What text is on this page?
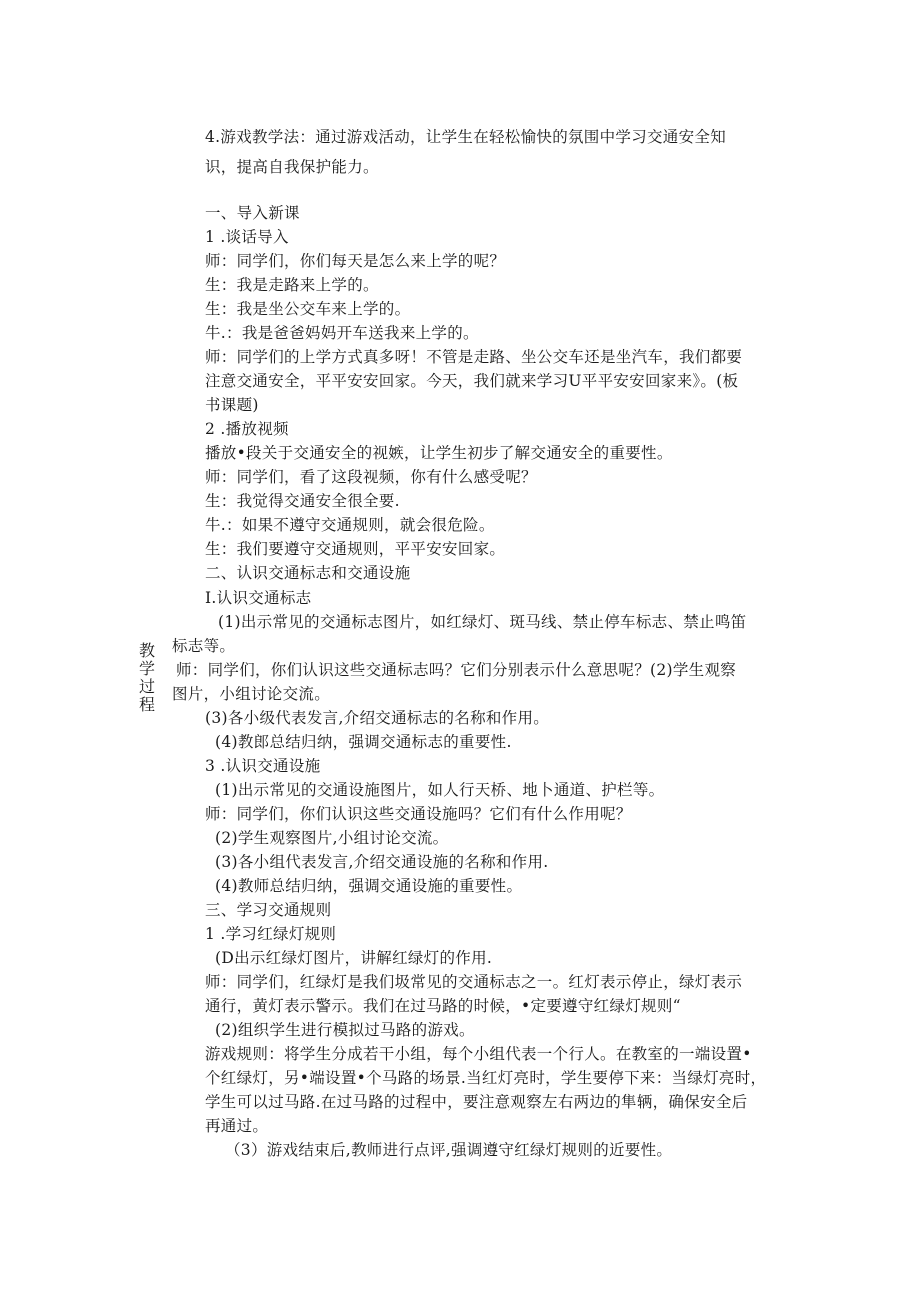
教学过程

4.游戏教学法：通过游戏活动，让学生在轻松愉快的氛围中学习交通安全知

识，提高自我保护能力。

一、导入新课

1 .谈话导入

师：同学们，你们每天是怎么来上学的呢？

生：我是走路来上学的。

生：我是坐公交车来上学的。

牛.：我是爸爸妈妈开车送我来上学的。

师：同学们的上学方式真多呀！不管是走路、坐公交车还是坐汽车，我们都要

注意交通安全，平平安安回家。今天，我们就来学习U平平安安回家来》。(板

书课题)

2 .播放视频

播放•段关于交通安全的视嫉，让学生初步了解交通安全的重要性。

师：同学们，看了这段视频，你有什么感受呢？

生：我觉得交通安全很全要.

牛.：如果不遵守交通规则，就会很危险。

生：我们要遵守交通规则，平平安安回家。

二、认识交通标志和交通设施

I.认识交通标志

(1)出示常见的交通标志图片，如红绿灯、斑马线、禁止停车标志、禁止鸣笛

标志等。

师：同学们，你们认识这些交通标志吗？它们分别表示什么意思呢？(2)学生观察

图片，小组讨论交流。

(3)各小级代表发言,介绍交通标志的名称和作用。

(4)教郎总结归纳，强调交通标志的重要性.

3 .认识交通设施

(1)出示常见的交通设施图片，如人行天桥、地卜通道、护栏等。

师：同学们，你们认识这些交通设施吗？它们有什么作用呢？

(2)学生观察图片,小组讨论交流。

(3)各小组代表发言,介绍交通设施的名称和作用.

(4)教师总结归纳，强调交通设施的重要性。

三、学习交通规则

1 .学习红绿灯规则

(D出示红绿灯图片，讲解红绿灯的作用.

师：同学们，红绿灯是我们圾常见的交通标志之一。红灯表示停止，绿灯表示

通行，黄灯表示警示。我们在过马路的时候，•定要遵守红绿灯规则“

(2)组织学生进行模拟过马路的游戏。

游戏规则：将学生分成若干小组，每个小组代表一个行人。在教室的一端设置•

个红绿灯，另•端设置•个马路的场景.当红灯亮时，学生要停下来：当绿灯亮时，

学生可以过马路.在过马路的过程中，要注意观察左右两边的隼辆，确保安全后

再通过。

（3）游戏结束后,教师进行点评,强调遵守红绿灯规则的近要性。
